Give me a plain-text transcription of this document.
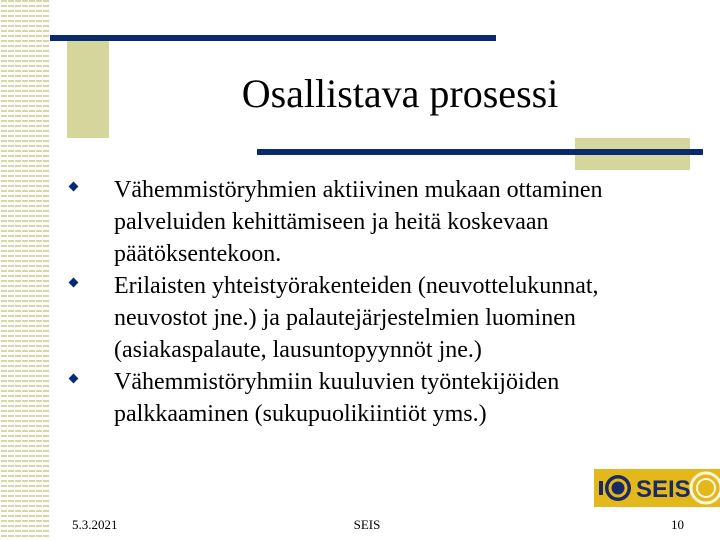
Osallistava prosessi
Vähemmistöryhmien aktiivinen mukaan ottaminen palveluiden kehittämiseen ja heitä koskevaan päätöksentekoon.
Erilaisten yhteistyörakenteiden (neuvottelukunnat, neuvostot jne.) ja palautejärjestelmien luominen (asiakaspalaute, lausuntopyynnöt jne.)
Vähemmistöryhmiin kuuluvien työntekijöiden palkkaaminen (sukupuolikiintiöt yms.)
SEIS
5.3.2021	SEIS	10
